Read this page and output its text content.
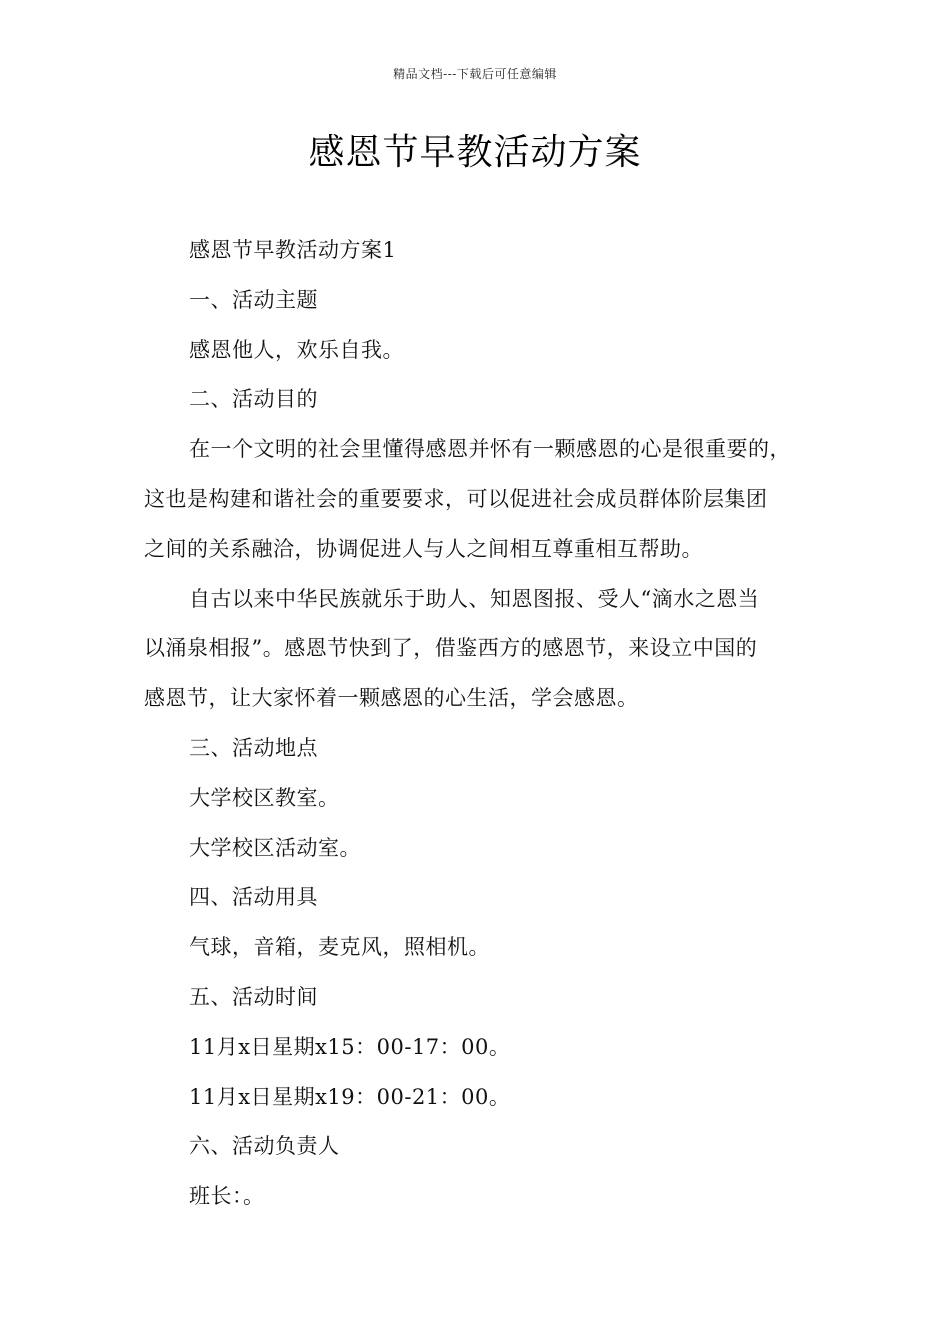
精品文档---下载后可任意编辑
感恩节早教活动方案

感恩节早教活动方案1

一、活动主题

感恩他人，欢乐自我。

二、活动目的

在一个文明的社会里懂得感恩并怀有一颗感恩的心是很重要的，
这也是构建和谐社会的重要要求，可以促进社会成员群体阶层集团
之间的关系融洽，协调促进人与人之间相互尊重相互帮助。
自古以来中华民族就乐于助人、知恩图报、受人“滴水之恩当
以涌泉相报”。感恩节快到了，借鉴西方的感恩节，来设立中国的
感恩节，让大家怀着一颗感恩的心生活，学会感恩。

三、活动地点

大学校区教室。

大学校区活动室。

四、活动用具

气球，音箱，麦克风，照相机。

五、活动时间

11月x日星期x15：00-17：00。

11月x日星期x19：00-21：00。

六、活动负责人

班长：。
